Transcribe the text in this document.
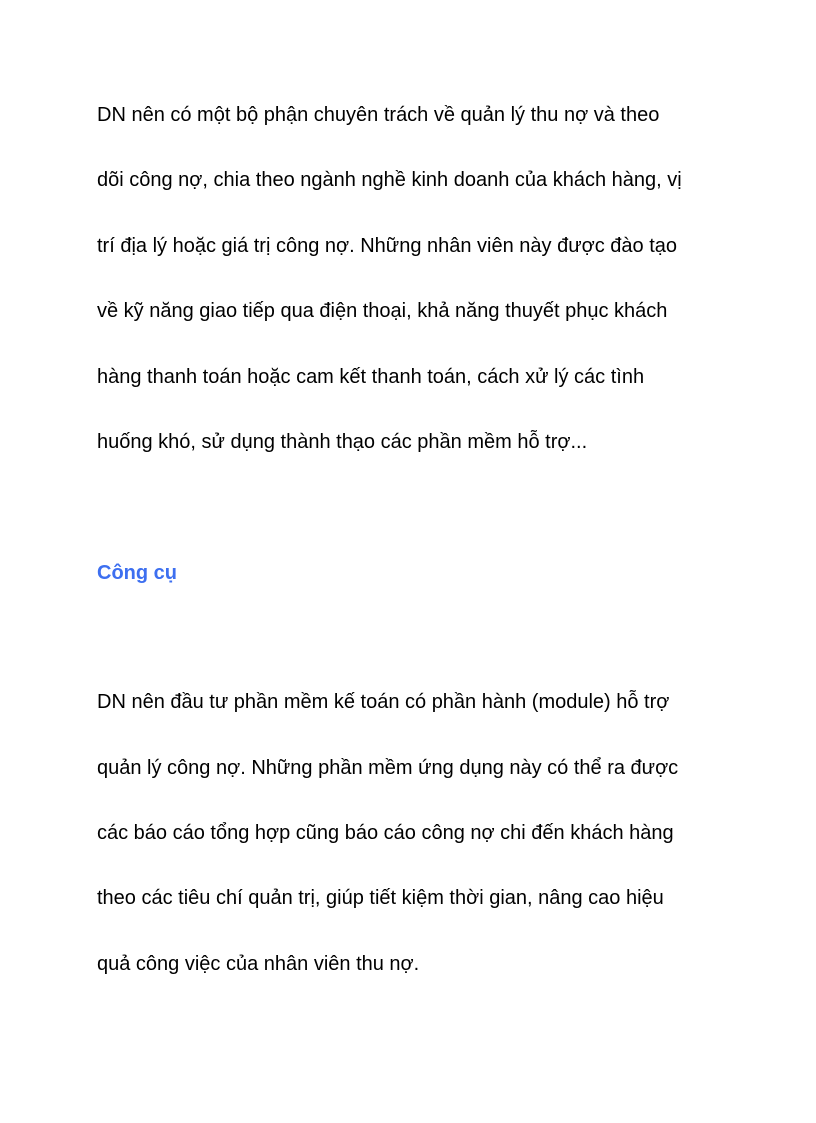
DN nên có một bộ phận chuyên trách về quản lý thu nợ và theo

dõi công nợ, chia theo ngành nghề kinh doanh của khách hàng, vị

trí địa lý hoặc giá trị công nợ. Những nhân viên này được đào tạo

về kỹ năng giao tiếp qua điện thoại, khả năng thuyết phục khách

hàng thanh toán hoặc cam kết thanh toán, cách xử lý các tình

huống khó, sử dụng thành thạo các phần mềm hỗ trợ...

Công cụ

DN nên đầu tư phần mềm kế toán có phần hành (module) hỗ trợ

quản lý công nợ. Những phần mềm ứng dụng này có thể ra được

các báo cáo tổng hợp cũng báo cáo công nợ chi đến khách hàng

theo các tiêu chí quản trị, giúp tiết kiệm thời gian, nâng cao hiệu

quả công việc của nhân viên thu nợ.
